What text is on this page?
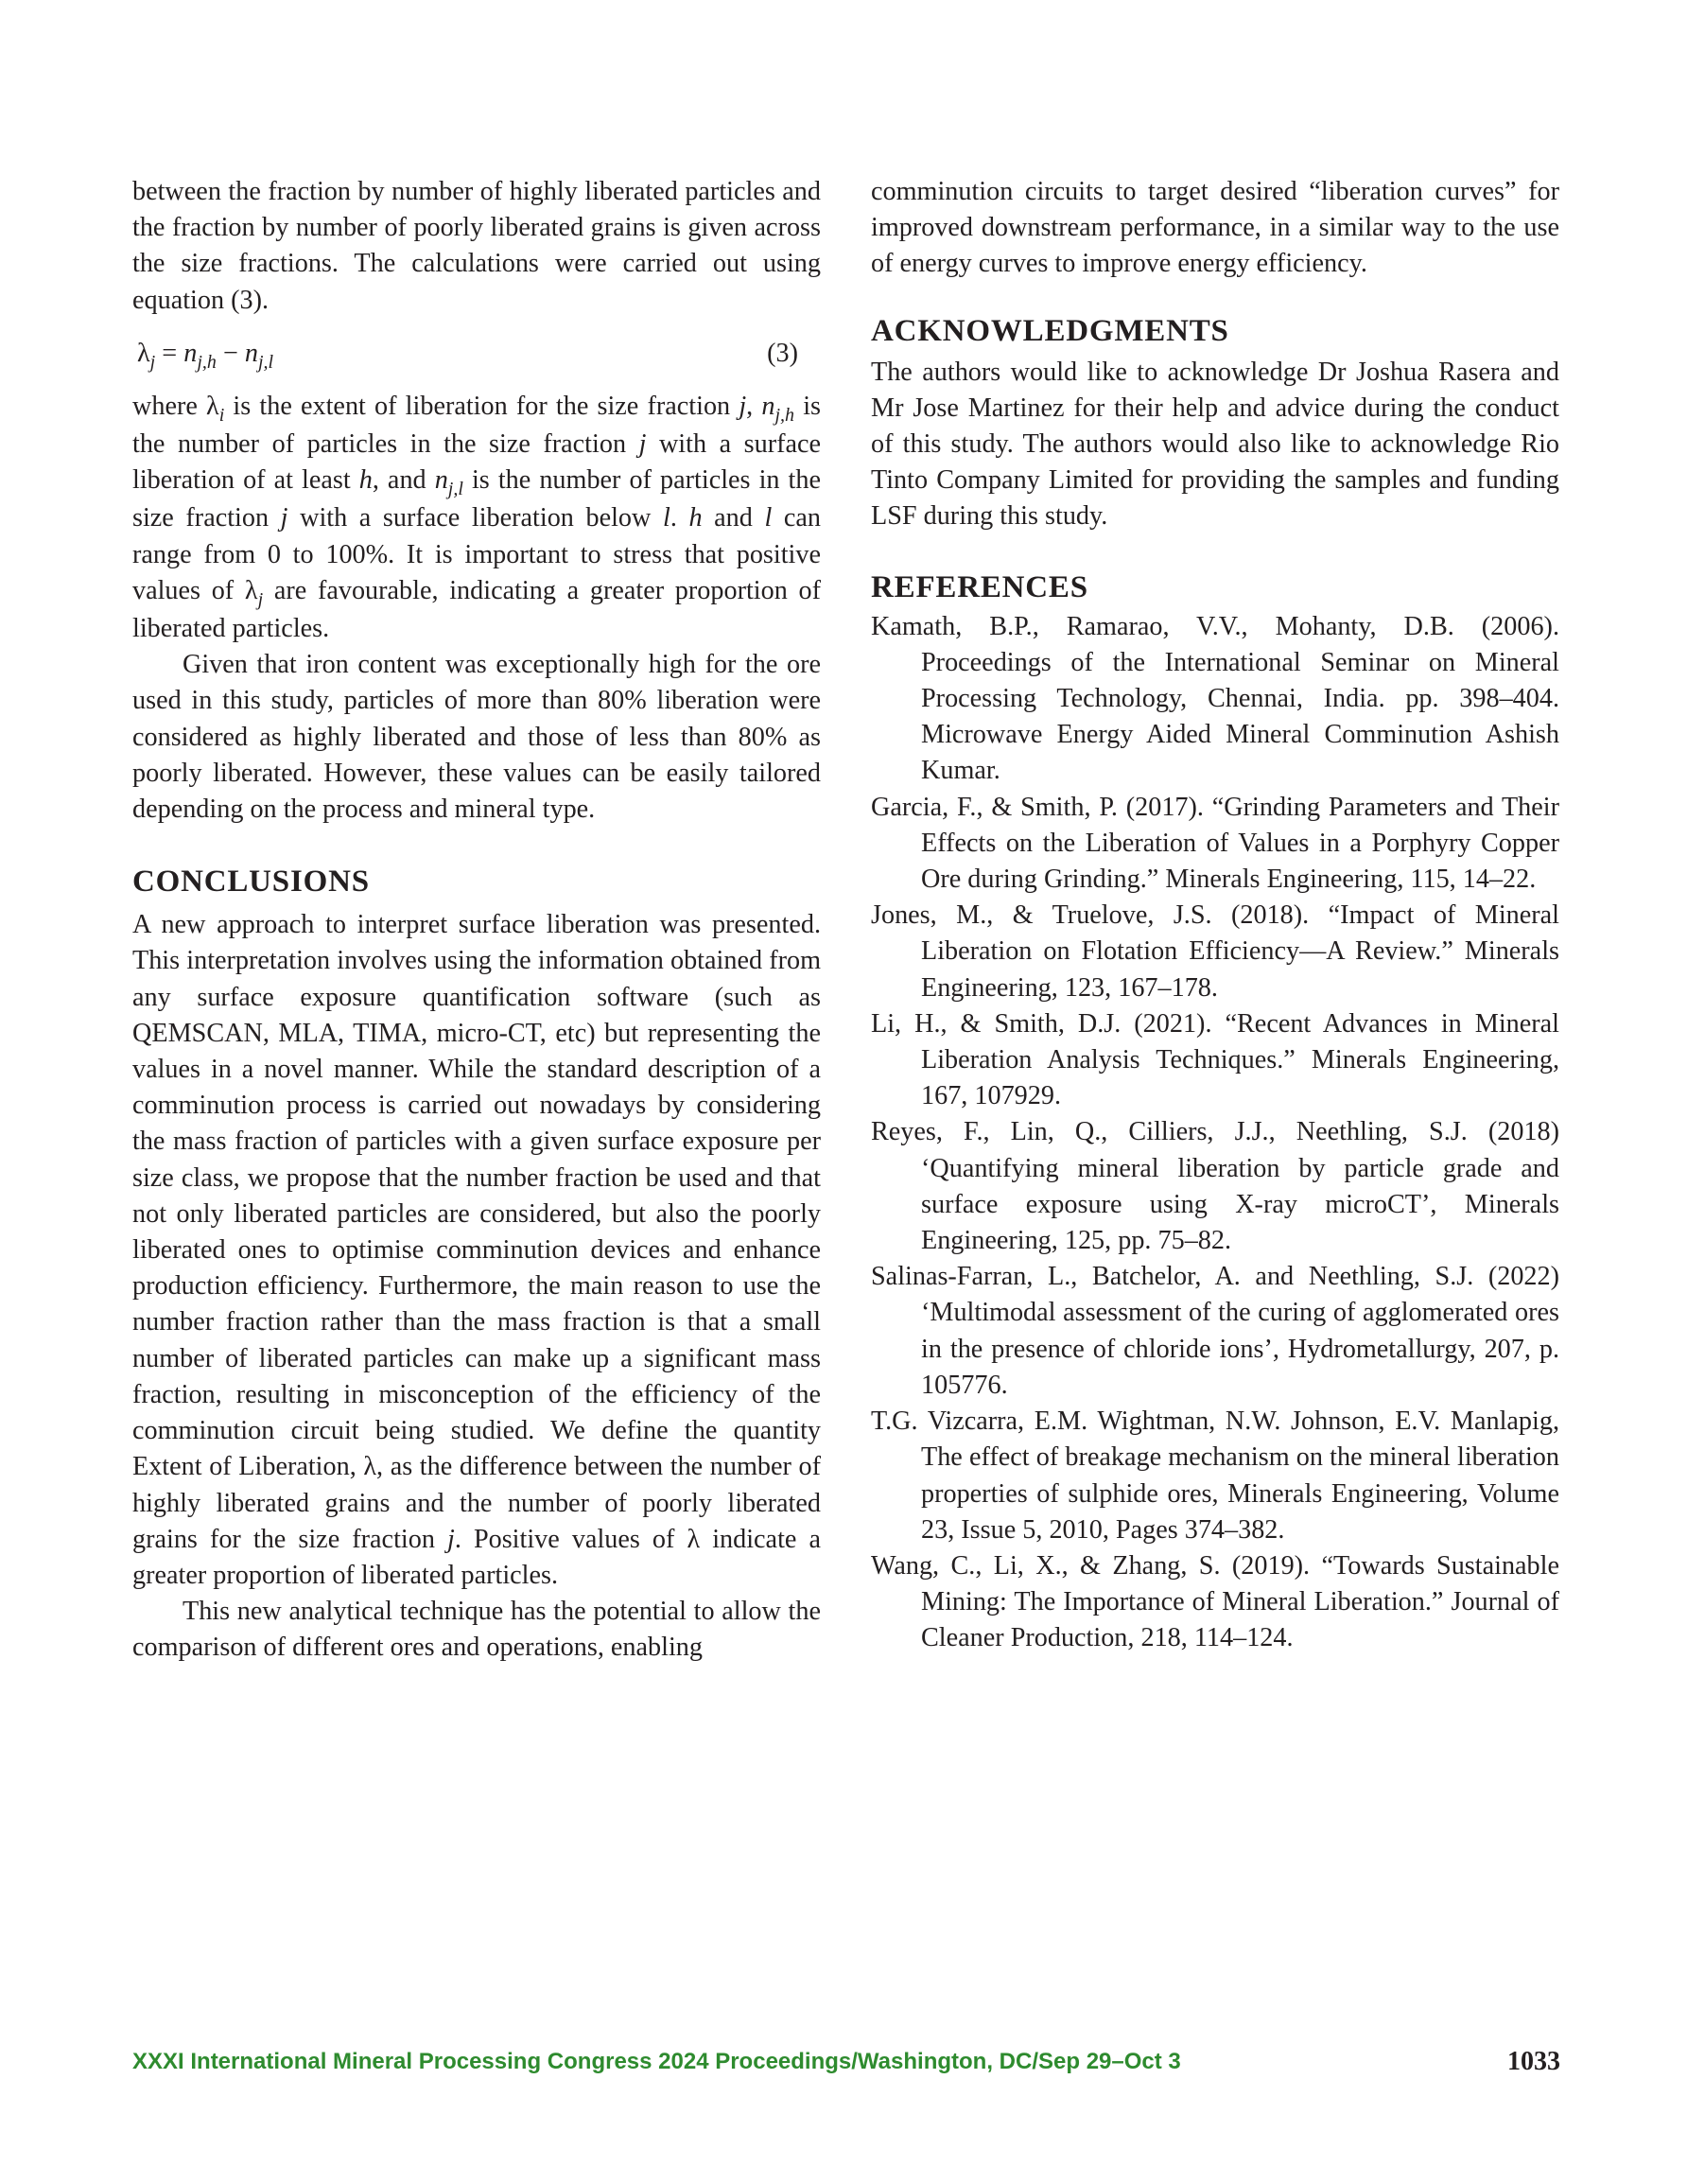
between the fraction by number of highly liberated particles and the fraction by number of poorly liberated grains is given across the size fractions. The calculations were carried out using equation (3).

$\lambda_j = n_{j,h} - n_{j,l}$	(3)

where $\lambda_i$ is the extent of liberation for the size fraction j, $n_{j,h}$ is the number of particles in the size fraction j with a surface liberation of at least h, and $n_{j,l}$ is the number of particles in the size fraction j with a surface liberation below l. h and l can range from 0 to 100%. It is important to stress that positive values of $\lambda_j$ are favourable, indicating a greater proportion of liberated particles.

Given that iron content was exceptionally high for the ore used in this study, particles of more than 80% liberation were considered as highly liberated and those of less than 80% as poorly liberated. However, these values can be easily tailored depending on the process and mineral type.

CONCLUSIONS

A new approach to interpret surface liberation was presented. This interpretation involves using the information obtained from any surface exposure quantification software (such as QEMSCAN, MLA, TIMA, micro-CT, etc) but representing the values in a novel manner. While the standard description of a comminution process is carried out nowadays by considering the mass fraction of particles with a given surface exposure per size class, we propose that the number fraction be used and that not only liberated particles are considered, but also the poorly liberated ones to optimise comminution devices and enhance production efficiency. Furthermore, the main reason to use the number fraction rather than the mass fraction is that a small number of liberated particles can make up a significant mass fraction, resulting in misconception of the efficiency of the comminution circuit being studied. We define the quantity Extent of Liberation, λ, as the difference between the number of highly liberated grains and the number of poorly liberated grains for the size fraction j. Positive values of λ indicate a greater proportion of liberated particles.

This new analytical technique has the potential to allow the comparison of different ores and operations, enabling

comminution circuits to target desired “liberation curves” for improved downstream performance, in a similar way to the use of energy curves to improve energy efficiency.

ACKNOWLEDGMENTS

The authors would like to acknowledge Dr Joshua Rasera and Mr Jose Martinez for their help and advice during the conduct of this study. The authors would also like to acknowledge Rio Tinto Company Limited for providing the samples and funding LSF during this study.

REFERENCES

Kamath, B.P., Ramarao, V.V., Mohanty, D.B. (2006). Proceedings of the International Seminar on Mineral Processing Technology, Chennai, India. pp. 398–404. Microwave Energy Aided Mineral Comminution Ashish Kumar.

Garcia, F., & Smith, P. (2017). “Grinding Parameters and Their Effects on the Liberation of Values in a Porphyry Copper Ore during Grinding.” Minerals Engineering, 115, 14–22.

Jones, M., & Truelove, J.S. (2018). “Impact of Mineral Liberation on Flotation Efficiency—A Review.” Minerals Engineering, 123, 167–178.

Li, H., & Smith, D.J. (2021). “Recent Advances in Mineral Liberation Analysis Techniques.” Minerals Engineering, 167, 107929.

Reyes, F., Lin, Q., Cilliers, J.J., Neethling, S.J. (2018) ‘Quantifying mineral liberation by particle grade and surface exposure using X-ray microCT’, Minerals Engineering, 125, pp. 75–82.

Salinas-Farran, L., Batchelor, A. and Neethling, S.J. (2022) ‘Multimodal assessment of the curing of agglomerated ores in the presence of chloride ions’, Hydrometallurgy, 207, p. 105776.

T.G. Vizcarra, E.M. Wightman, N.W. Johnson, E.V. Manlapig, The effect of breakage mechanism on the mineral liberation properties of sulphide ores, Minerals Engineering, Volume 23, Issue 5, 2010, Pages 374–382.

Wang, C., Li, X., & Zhang, S. (2019). “Towards Sustainable Mining: The Importance of Mineral Liberation.” Journal of Cleaner Production, 218, 114–124.

XXXI International Mineral Processing Congress 2024 Proceedings/Washington, DC/Sep 29–Oct 3	1033
